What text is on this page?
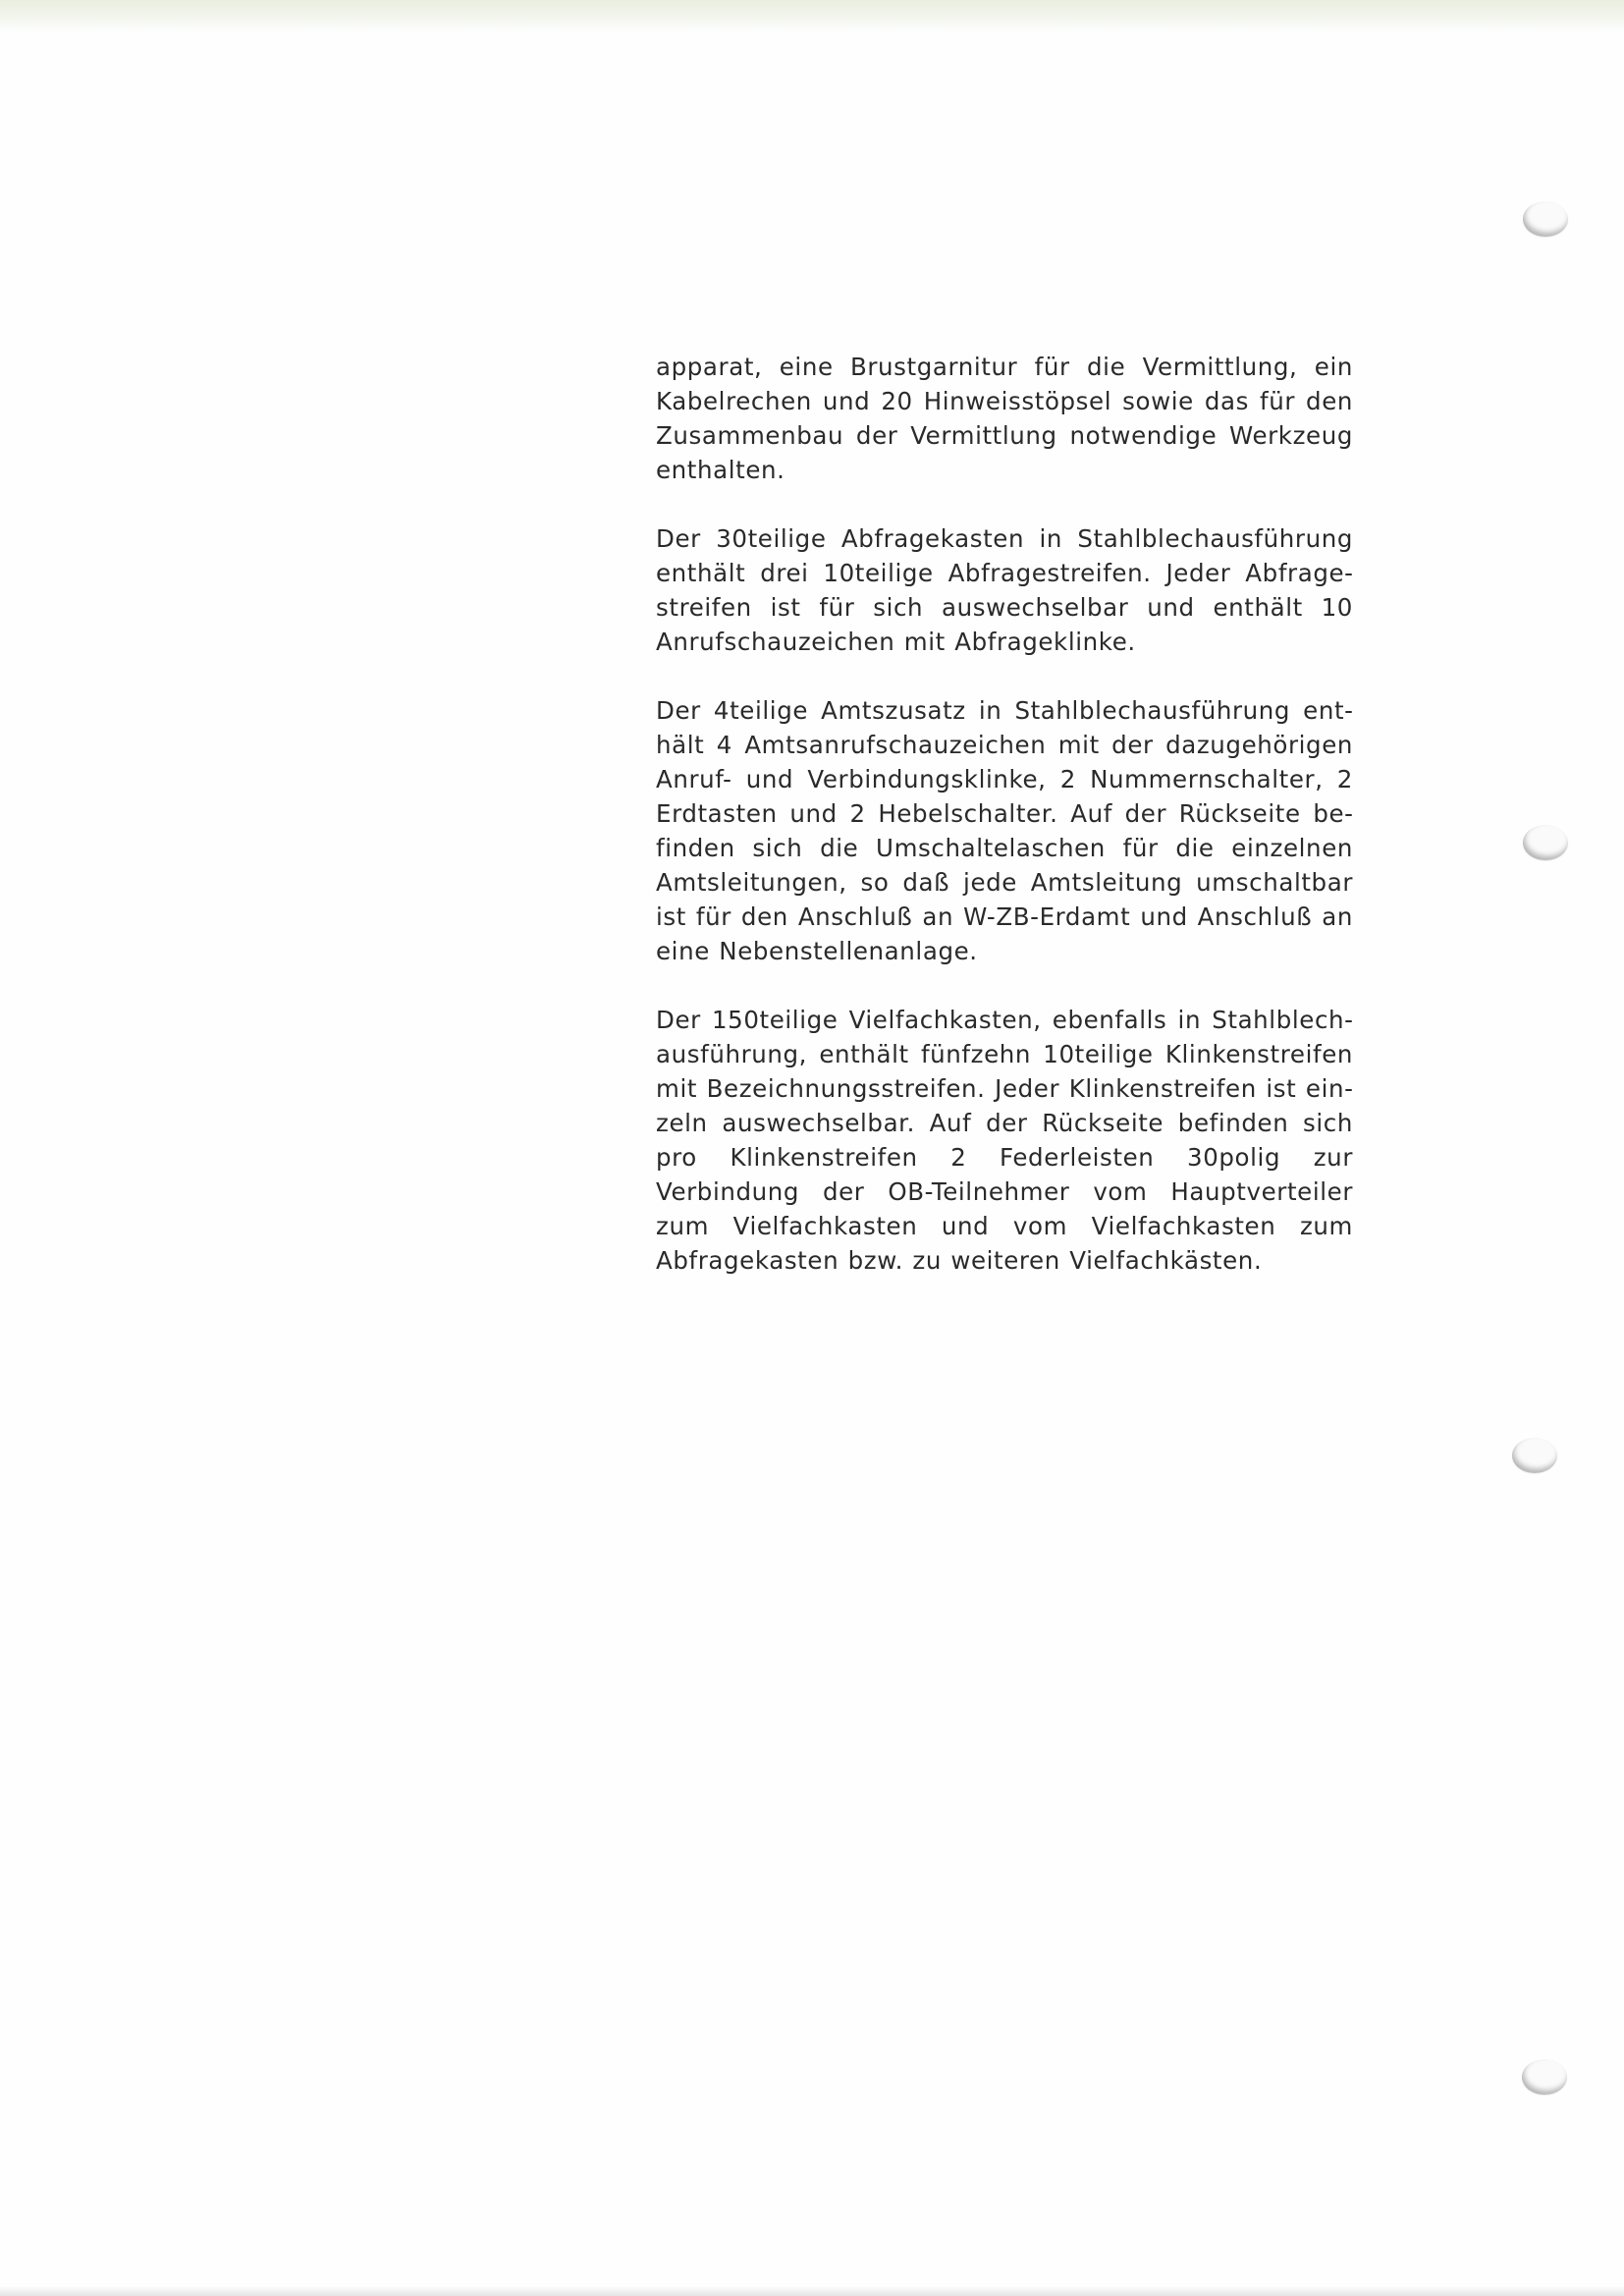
apparat, eine Brustgarnitur für die Vermittlung, ein Kabelrechen und 20 Hinweisstöpsel sowie das für den Zusammenbau der Vermittlung notwendige Werkzeug enthalten.

Der 30teilige Abfragekasten in Stahlblechausführung enthält drei 10teilige Abfragestreifen. Jeder Abfragestreifen ist für sich auswechselbar und enthält 10 Anrufschauzeichen mit Abfrageklinke.

Der 4teilige Amtszusatz in Stahlblechausführung enthält 4 Amtsanrufschauzeichen mit der dazugehörigen Anruf- und Verbindungsklinke, 2 Nummernschalter, 2 Erdtasten und 2 Hebelschalter. Auf der Rückseite befinden sich die Umschaltelaschen für die einzelnen Amtsleitungen, so daß jede Amtsleitung umschaltbar ist für den Anschluß an W-ZB-Erdamt und Anschluß an eine Nebenstellenanlage.

Der 150teilige Vielfachkasten, ebenfalls in Stahlblechausführung, enthält fünfzehn 10teilige Klinkenstreifen mit Bezeichnungsstreifen. Jeder Klinkenstreifen ist einzeln auswechselbar. Auf der Rückseite befinden sich pro Klinkenstreifen 2 Federleisten 30polig zur Verbindung der OB-Teilnehmer vom Hauptverteiler zum Vielfachkasten und vom Vielfachkasten zum Abfragekasten bzw. zu weiteren Vielfachkästen.
